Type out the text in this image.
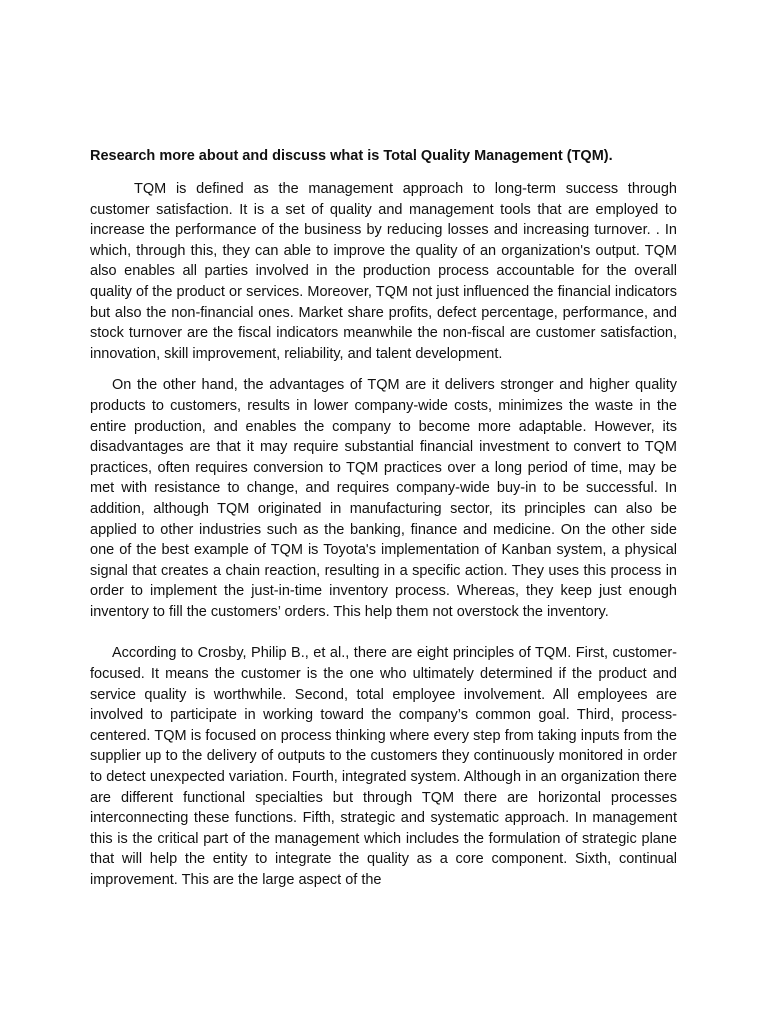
Research more about and discuss what is Total Quality Management (TQM).

TQM is defined as the management approach to long-term success through customer satisfaction. It is a set of quality and management tools that are employed to increase the performance of the business by reducing losses and increasing turnover. . In which, through this, they can able to improve the quality of an organization's output. TQM also enables all parties involved in the production process accountable for the overall quality of the product or services. Moreover, TQM not just influenced the financial indicators but also the non-financial ones. Market share profits, defect percentage, performance, and stock turnover are the fiscal indicators meanwhile the non-fiscal are customer satisfaction, innovation, skill improvement, reliability, and talent development.

On the other hand, the advantages of TQM are it delivers stronger and higher quality products to customers, results in lower company-wide costs, minimizes the waste in the entire production, and enables the company to become more adaptable. However, its disadvantages are that it may require substantial financial investment to convert to TQM practices, often requires conversion to TQM practices over a long period of time, may be met with resistance to change, and requires company-wide buy-in to be successful. In addition, although TQM originated in manufacturing sector, its principles can also be applied to other industries such as the banking, finance and medicine. On the other side one of the best example of TQM is Toyota's implementation of Kanban system, a physical signal that creates a chain reaction, resulting in a specific action. They uses this process in order to implement the just-in-time inventory process. Whereas, they keep just enough inventory to fill the customers’ orders. This help them not overstock the inventory.

According to Crosby, Philip B., et al., there are eight principles of TQM. First, customer-focused. It means the customer is the one who ultimately determined if the product and service quality is worthwhile. Second, total employee involvement. All employees are involved to participate in working toward the company’s common goal. Third, process-centered. TQM is focused on process thinking where every step from taking inputs from the supplier up to the delivery of outputs to the customers they continuously monitored in order to detect unexpected variation. Fourth, integrated system. Although in an organization there are different functional specialties but through TQM there are horizontal processes interconnecting these functions. Fifth, strategic and systematic approach. In management this is the critical part of the management which includes the formulation of strategic plane that will help the entity to integrate the quality as a core component. Sixth, continual improvement. This are the large aspect of the
